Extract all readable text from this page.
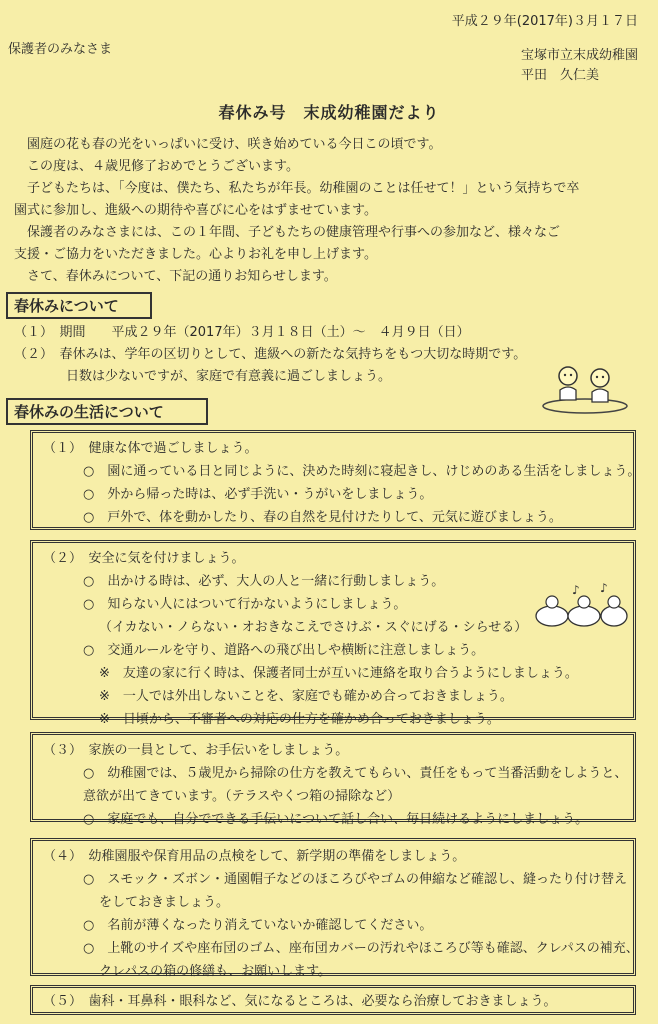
平成２９年(2017年)３月１７日
保護者のみなさま	宝塚市立末成幼稚園
平田　久仁美
春休み号　末成幼稚園だより

　園庭の花も春の光をいっぱいに受け、咲き始めている今日この頃です。

　この度は、４歳児修了おめでとうございます。

　子どもたちは、「今度は、僕たち、私たちが年長。幼稚園のことは任せて！」という気持ちで卒

園式に参加し、進級への期待や喜びに心をはずませています。

　保護者のみなさまには、この１年間、子どもたちの健康管理や行事への参加など、様々なご

支援・ご協力をいただきました。心よりお礼を申し上げます。

　さて、春休みについて、下記の通りお知らせします。

春休みについて

（１）　期間　　平成２９年（2017年）３月１８日（土）～　４月９日（日）

（２）　春休みは、学年の区切りとして、進級への新たな気持ちをもつ大切な時期です。

　　　　日数は少ないですが、家庭で有意義に過ごしましょう。

春休みの生活について

（１）　健康な体で過ごしましょう。

○　園に通っている日と同じように、決めた時刻に寝起きし、けじめのある生活をしましょう。

○　外から帰った時は、必ず手洗い・うがいをしましょう。

○　戸外で、体を動かしたり、春の自然を見付けたりして、元気に遊びましょう。

（２）　安全に気を付けましょう。

○　出かける時は、必ず、大人の人と一緒に行動しましょう。

○　知らない人にはついて行かないようにしましょう。

（イカない・ノらない・オおきなこえでさけぶ・スぐにげる・シらせる）

○　交通ルールを守り、道路への飛び出しや横断に注意しましょう。

※　友達の家に行く時は、保護者同士が互いに連絡を取り合うようにしましょう。

※　一人では外出しないことを、家庭でも確かめ合っておきましょう。

※　日頃から、不審者への対応の仕方を確かめ合っておきましょう。

♪ ♪

（３）　家族の一員として、お手伝いをしましょう。

○　幼稚園では、５歳児から掃除の仕方を教えてもらい、責任をもって当番活動をしようと、

意欲が出てきています。（テラスやくつ箱の掃除など）

○　家庭でも、自分でできる手伝いについて話し合い、毎日続けるようにしましょう。

（４）　幼稚園服や保育用品の点検をして、新学期の準備をしましょう。

○　スモック・ズボン・通園帽子などのほころびやゴムの伸縮など確認し、縫ったり付け替え

をしておきましょう。

○　名前が薄くなったり消えていないか確認してください。

○　上靴のサイズや座布団のゴム、座布団カバーの汚れやほころび等も確認、クレパスの補充、

クレパスの箱の修繕も、お願いします。

（５）　歯科・耳鼻科・眼科など、気になるところは、必要なら治療しておきましょう。
